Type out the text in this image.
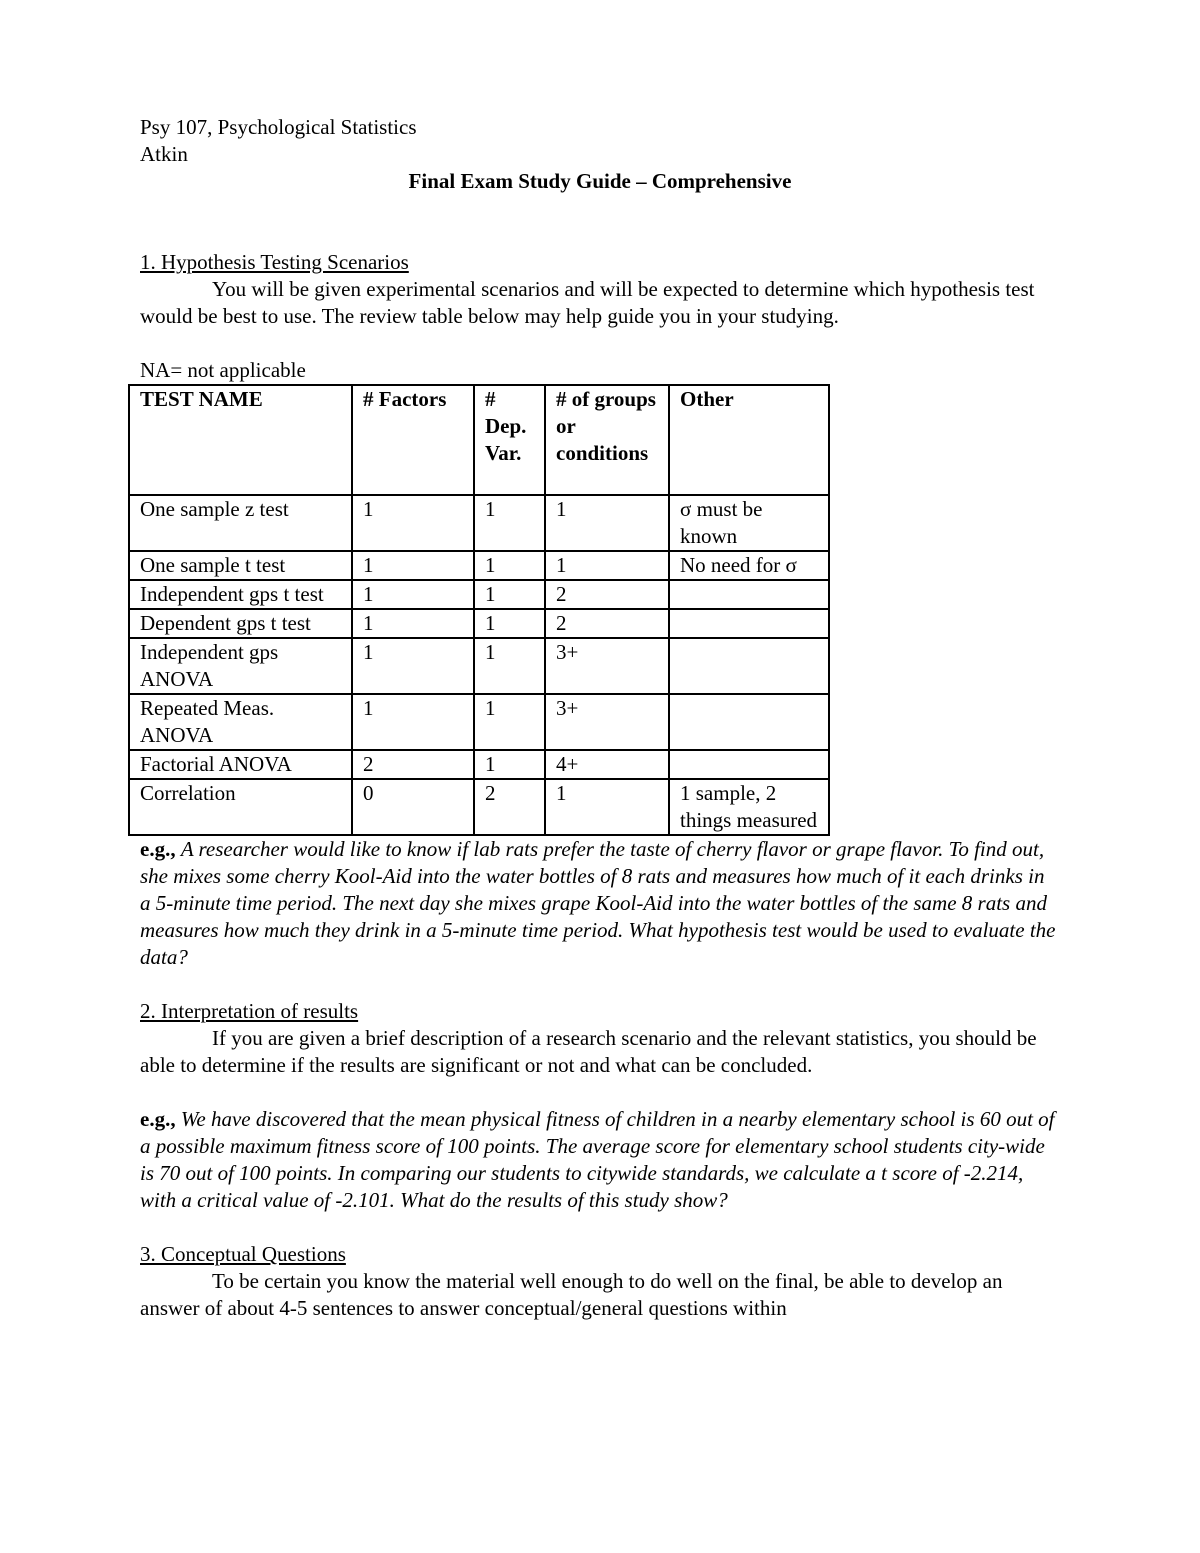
Psy 107, Psychological Statistics

Atkin

Final Exam Study Guide – Comprehensive

1. Hypothesis Testing Scenarios

You will be given experimental scenarios and will be expected to determine which hypothesis test would be best to use. The review table below may help guide you in your studying.

NA= not applicable

TEST NAME	# Factors	# Dep. Var.	# of groups or conditions	Other
One sample z test	1	1	1	σ must be known
One sample t test	1	1	1	No need for σ
Independent gps t test	1	1	2	
Dependent gps t test	1	1	2	
Independent gps ANOVA	1	1	3+	
Repeated Meas. ANOVA	1	1	3+	
Factorial ANOVA	2	1	4+	
Correlation	0	2	1	1 sample, 2 things measured

e.g., A researcher would like to know if lab rats prefer the taste of cherry flavor or grape flavor. To find out, she mixes some cherry Kool-Aid into the water bottles of 8 rats and measures how much of it each drinks in a 5-minute time period. The next day she mixes grape Kool-Aid into the water bottles of the same 8 rats and measures how much they drink in a 5-minute time period. What hypothesis test would be used to evaluate the data?

2. Interpretation of results

If you are given a brief description of a research scenario and the relevant statistics, you should be able to determine if the results are significant or not and what can be concluded.

e.g., We have discovered that the mean physical fitness of children in a nearby elementary school is 60 out of a possible maximum fitness score of 100 points. The average score for elementary school students city-wide is 70 out of 100 points. In comparing our students to citywide standards, we calculate a t score of -2.214, with a critical value of -2.101. What do the results of this study show?

3. Conceptual Questions

To be certain you know the material well enough to do well on the final, be able to develop an answer of about 4-5 sentences to answer conceptual/general questions within
